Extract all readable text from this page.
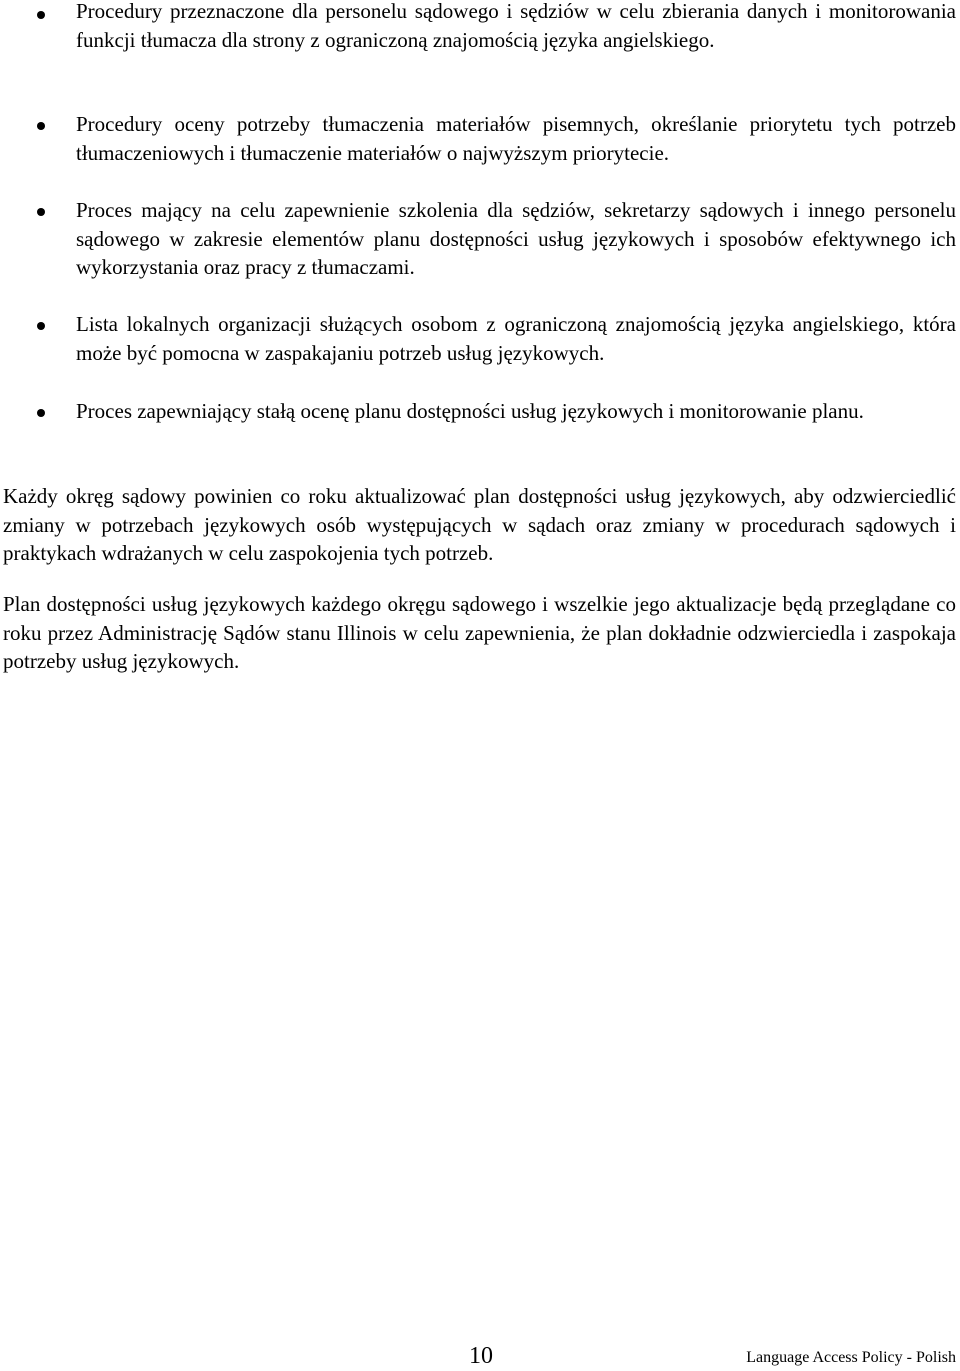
Procedury przeznaczone dla personelu sądowego i sędziów w celu zbierania danych i monitorowania funkcji tłumacza dla strony z ograniczoną znajomością języka angielskiego.
Procedury oceny potrzeby tłumaczenia materiałów pisemnych, określanie priorytetu tych potrzeb tłumaczeniowych i tłumaczenie materiałów o najwyższym priorytecie.
Proces mający na celu zapewnienie szkolenia dla sędziów, sekretarzy sądowych i innego personelu sądowego w zakresie elementów planu dostępności usług językowych i sposobów efektywnego ich wykorzystania oraz pracy z tłumaczami.
Lista lokalnych organizacji służących osobom z ograniczoną znajomością języka angielskiego, która może być pomocna w zaspakajaniu potrzeb usług językowych.
Proces zapewniający stałą ocenę planu dostępności usług językowych i monitorowanie planu.

Każdy okręg sądowy powinien co roku aktualizować plan dostępności usług językowych, aby odzwierciedlić zmiany w potrzebach językowych osób występujących w sądach oraz zmiany w procedurach sądowych i praktykach wdrażanych w celu zaspokojenia tych potrzeb.

Plan dostępności usług językowych każdego okręgu sądowego i wszelkie jego aktualizacje będą przeglądane co roku przez Administrację Sądów stanu Illinois w celu zapewnienia, że plan dokładnie odzwierciedla i zaspokaja potrzeby usług językowych.

10	Language Access Policy - Polish
